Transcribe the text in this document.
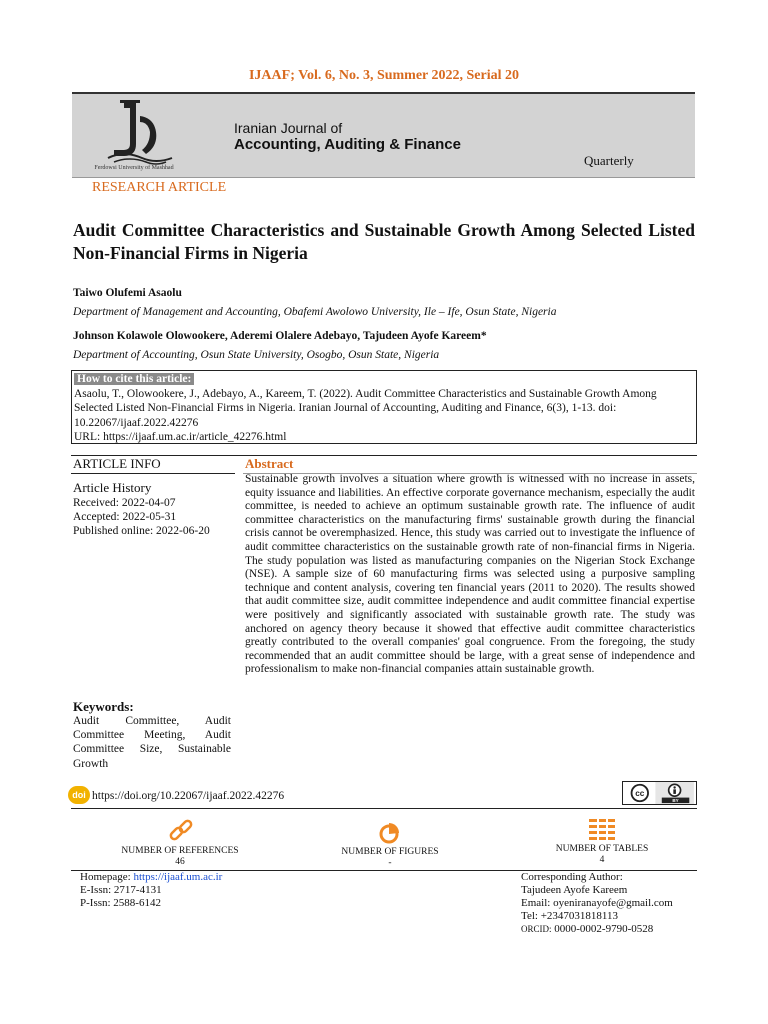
IJAAF; Vol. 6, No. 3, Summer 2022, Serial 20
Ferdowsi University of Mashhad
Iranian Journal of
Accounting, Auditing & Finance
Quarterly
RESEARCH ARTICLE
Audit Committee Characteristics and Sustainable Growth Among Selected Listed Non-Financial Firms in Nigeria
Taiwo Olufemi Asaolu
Department of Management and Accounting, Obafemi Awolowo University, Ile – Ife, Osun State, Nigeria
Johnson Kolawole Olowookere, Aderemi Olalere Adebayo, Tajudeen Ayofe Kareem*
Department of Accounting, Osun State University, Osogbo, Osun State, Nigeria
How to cite this article:
Asaolu, T., Olowookere, J., Adebayo, A., Kareem, T. (2022). Audit Committee Characteristics and Sustainable Growth Among Selected Listed Non-Financial Firms in Nigeria. Iranian Journal of Accounting, Auditing and Finance, 6(3), 1-13. doi: 10.22067/ijaaf.2022.42276
URL: https://ijaaf.um.ac.ir/article_42276.html
ARTICLE INFO	Abstract
Article History
Received: 2022-04-07
Accepted: 2022-05-31
Published online: 2022-06-20
Sustainable growth involves a situation where growth is witnessed with no increase in assets, equity issuance and liabilities. An effective corporate governance mechanism, especially the audit committee, is needed to achieve an optimum sustainable growth rate. The influence of audit committee characteristics on the manufacturing firms' sustainable growth during the financial crisis cannot be overemphasized. Hence, this study was carried out to investigate the influence of audit committee characteristics on the sustainable growth rate of non-financial firms in Nigeria. The study population was listed as manufacturing companies on the Nigerian Stock Exchange (NSE). A sample size of 60 manufacturing firms was selected using a purposive sampling technique and content analysis, covering ten financial years (2011 to 2020). The results showed that audit committee size, audit committee independence and audit committee financial expertise were positively and significantly associated with sustainable growth rate. The study was anchored on agency theory because it showed that effective audit committee characteristics greatly contributed to the overall companies' goal congruence. From the foregoing, the study recommended that an audit committee should be large, with a great sense of independence and professionalism to make non-financial companies attain sustainable growth.
Keywords:
Audit Committee, Audit Committee Meeting, Audit Committee Size, Sustainable Growth
doi https://doi.org/10.22067/ijaaf.2022.42276	cc
BY
NUMBER OF REFERENCES
46
NUMBER OF FIGURES
-
NUMBER OF TABLES
4
Homepage: https://ijaaf.um.ac.ir
E-Issn: 2717-4131
P-Issn: 2588-6142
Corresponding Author:
Tajudeen Ayofe Kareem
Email: oyeniranayofe@gmail.com
Tel: +2347031818113
ORCID: 0000-0002-9790-0528
